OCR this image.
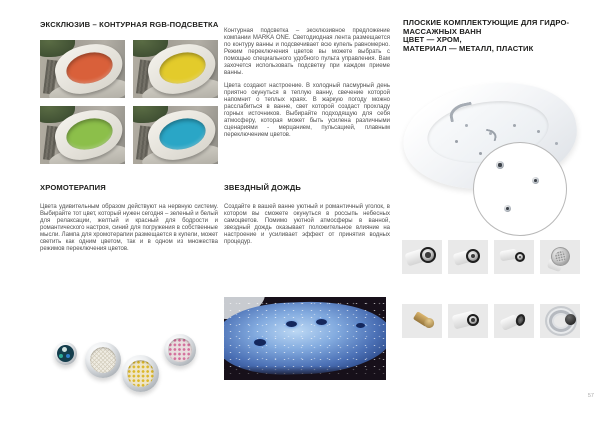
ЭКСКЛЮЗИВ – КОНТУРНАЯ RGB-ПОДСВЕТКА

Контурная подсветка – эксклюзивное предложение компании MARKA ONE. Светодиодная лента размещается по контуру ванны и подсвечивает всю купель равномерно. Режим переключения цветов вы можете выбрать с помощью специального удобного пульта управления. Вам захочется использовать подсветку при каждом приеме ванны.

Цвета создают настроение. В холодный пасмурный день приятно окунуться в теплую ванну, свечение которой напомнит о теплых краях. В жаркую погоду можно расслабиться в ванне, свет которой создаст прохладу горных источников. Выбирайте подходящую для себя атмосферу, которая может быть усилена различными сценариями - мерцанием, пульсацией, плавным переключением цветов.

ПЛОСКИЕ КОМПЛЕКТУЮЩИЕ ДЛЯ ГИДРО-
МАССАЖНЫХ ВАНН
ЦВЕТ — ХРОМ,
МАТЕРИАЛ — МЕТАЛЛ, ПЛАСТИК
ХРОМОТЕРАПИЯ
Цвета удивительным образом действуют на нервную систему. Выбирайте тот цвет, который нужен сегодня – зеленый и белый для релаксации, желтый и красный для бодрости и романтического настроя, синий для погружения в собственные мысли. Лампа для хромотерапии размещается в купели, может светить как одним цветом, так и в одном из множества режимов переключения цветов.
ЗВЕЗДНЫЙ ДОЖДЬ
Создайте в вашей ванне уютный и романтичный уголок, в котором вы сможете окунуться в россыпь небесных самоцветов. Помимо уютной атмосферы в ванной, звездный дождь оказывает положительное влияние на настроение и усиливает эффект от принятия водных процедур.
57
